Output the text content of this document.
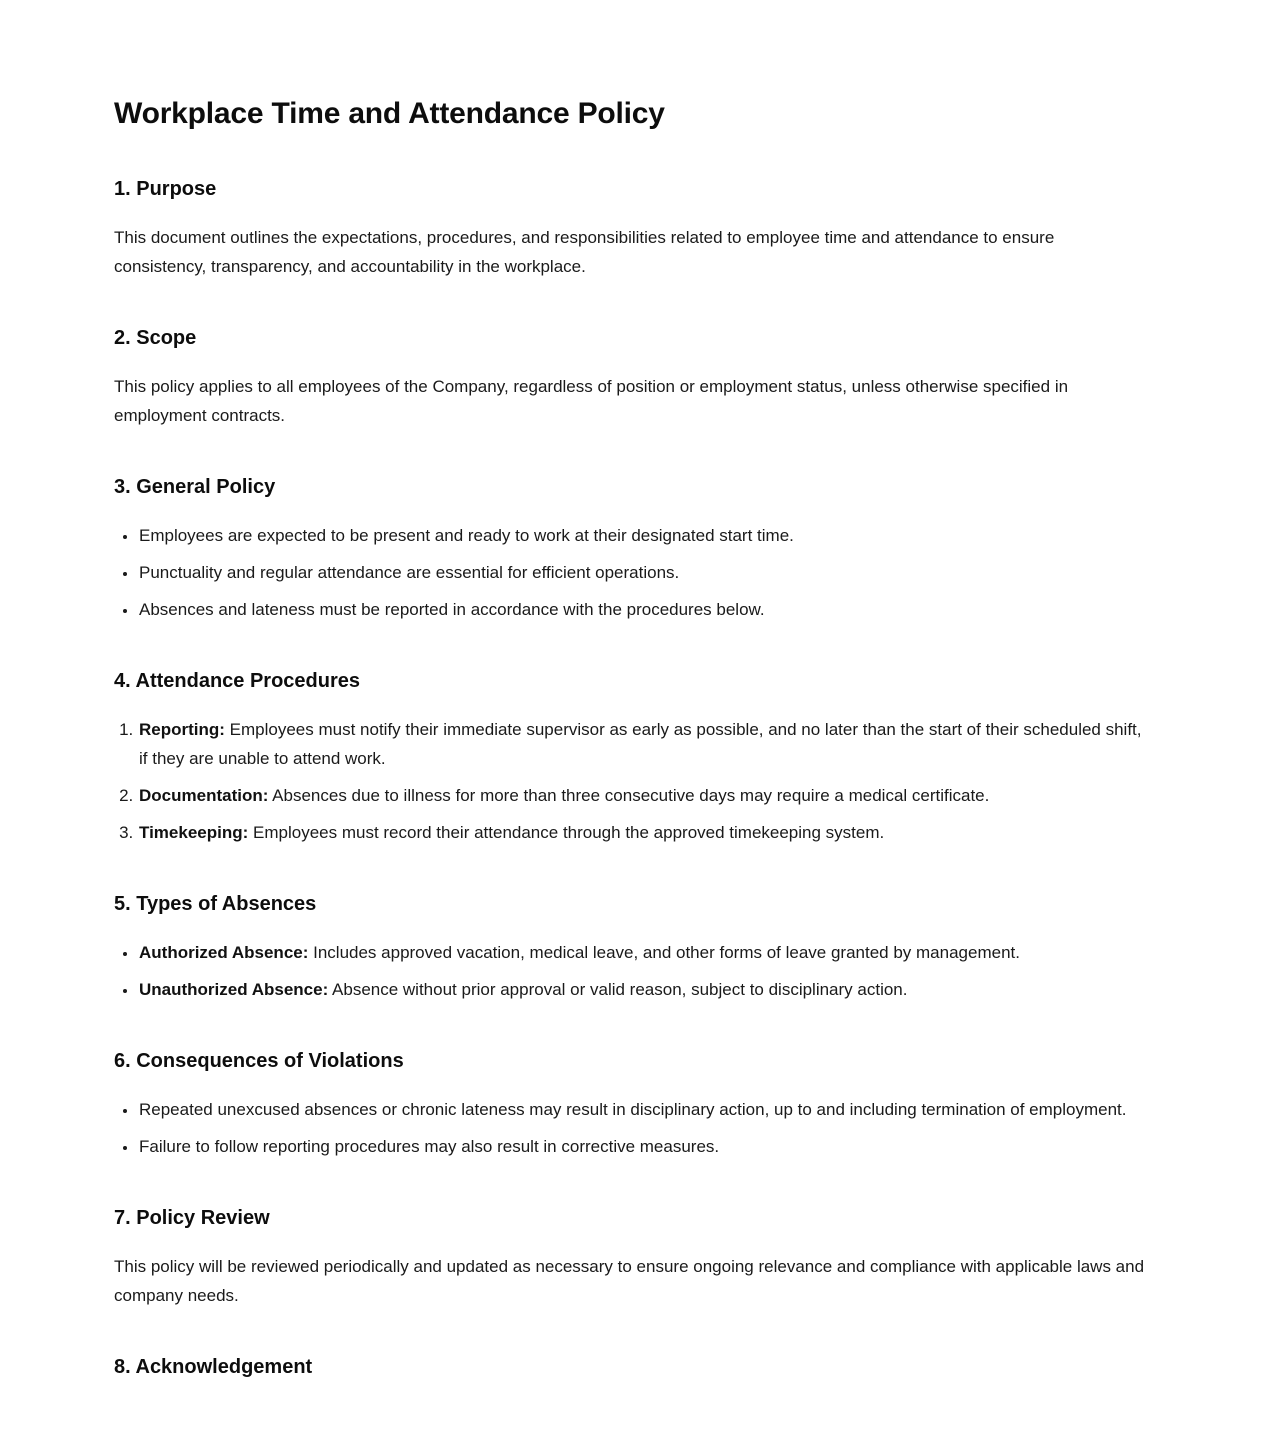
Workplace Time and Attendance Policy
1. Purpose

This document outlines the expectations, procedures, and responsibilities related to employee time and attendance to ensure consistency, transparency, and accountability in the workplace.

2. Scope

This policy applies to all employees of the Company, regardless of position or employment status, unless otherwise specified in employment contracts.

3. General Policy
• Employees are expected to be present and ready to work at their designated start time.
• Punctuality and regular attendance are essential for efficient operations.
• Absences and lateness must be reported in accordance with the procedures below.
4. Attendance Procedures
1. Reporting: Employees must notify their immediate supervisor as early as possible, and no later than the start of their scheduled shift, if they are unable to attend work.
2. Documentation: Absences due to illness for more than three consecutive days may require a medical certificate.
3. Timekeeping: Employees must record their attendance through the approved timekeeping system.
5. Types of Absences
• Authorized Absence: Includes approved vacation, medical leave, and other forms of leave granted by management.
• Unauthorized Absence: Absence without prior approval or valid reason, subject to disciplinary action.
6. Consequences of Violations
• Repeated unexcused absences or chronic lateness may result in disciplinary action, up to and including termination of employment.
• Failure to follow reporting procedures may also result in corrective measures.
7. Policy Review

This policy will be reviewed periodically and updated as necessary to ensure ongoing relevance and compliance with applicable laws and company needs.

8. Acknowledgement
